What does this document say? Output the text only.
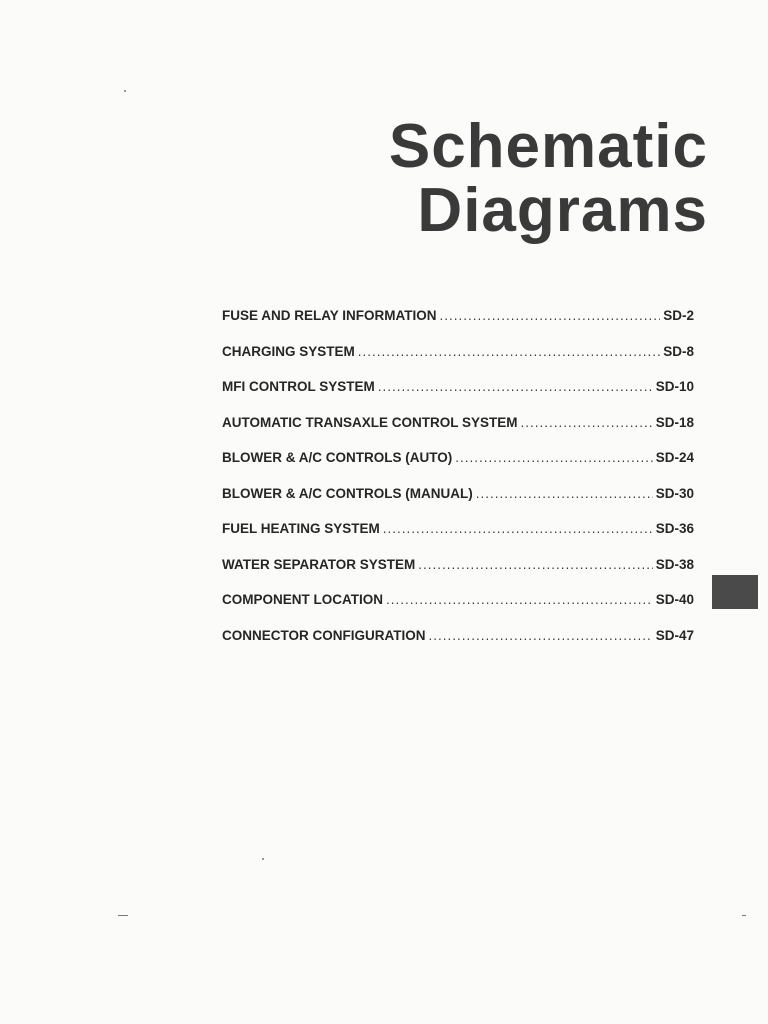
Schematic
Diagrams
FUSE AND RELAY INFORMATION .....	SD-2
CHARGING SYSTEM .....	SD-8
MFI CONTROL SYSTEM .....	SD-10
AUTOMATIC TRANSAXLE CONTROL SYSTEM .....	SD-18
BLOWER & A/C CONTROLS (AUTO) .....	SD-24
BLOWER & A/C CONTROLS (MANUAL) .....	SD-30
FUEL HEATING SYSTEM .....	SD-36
WATER SEPARATOR SYSTEM .....	SD-38
COMPONENT LOCATION .....	SD-40
CONNECTOR CONFIGURATION .....	SD-47
